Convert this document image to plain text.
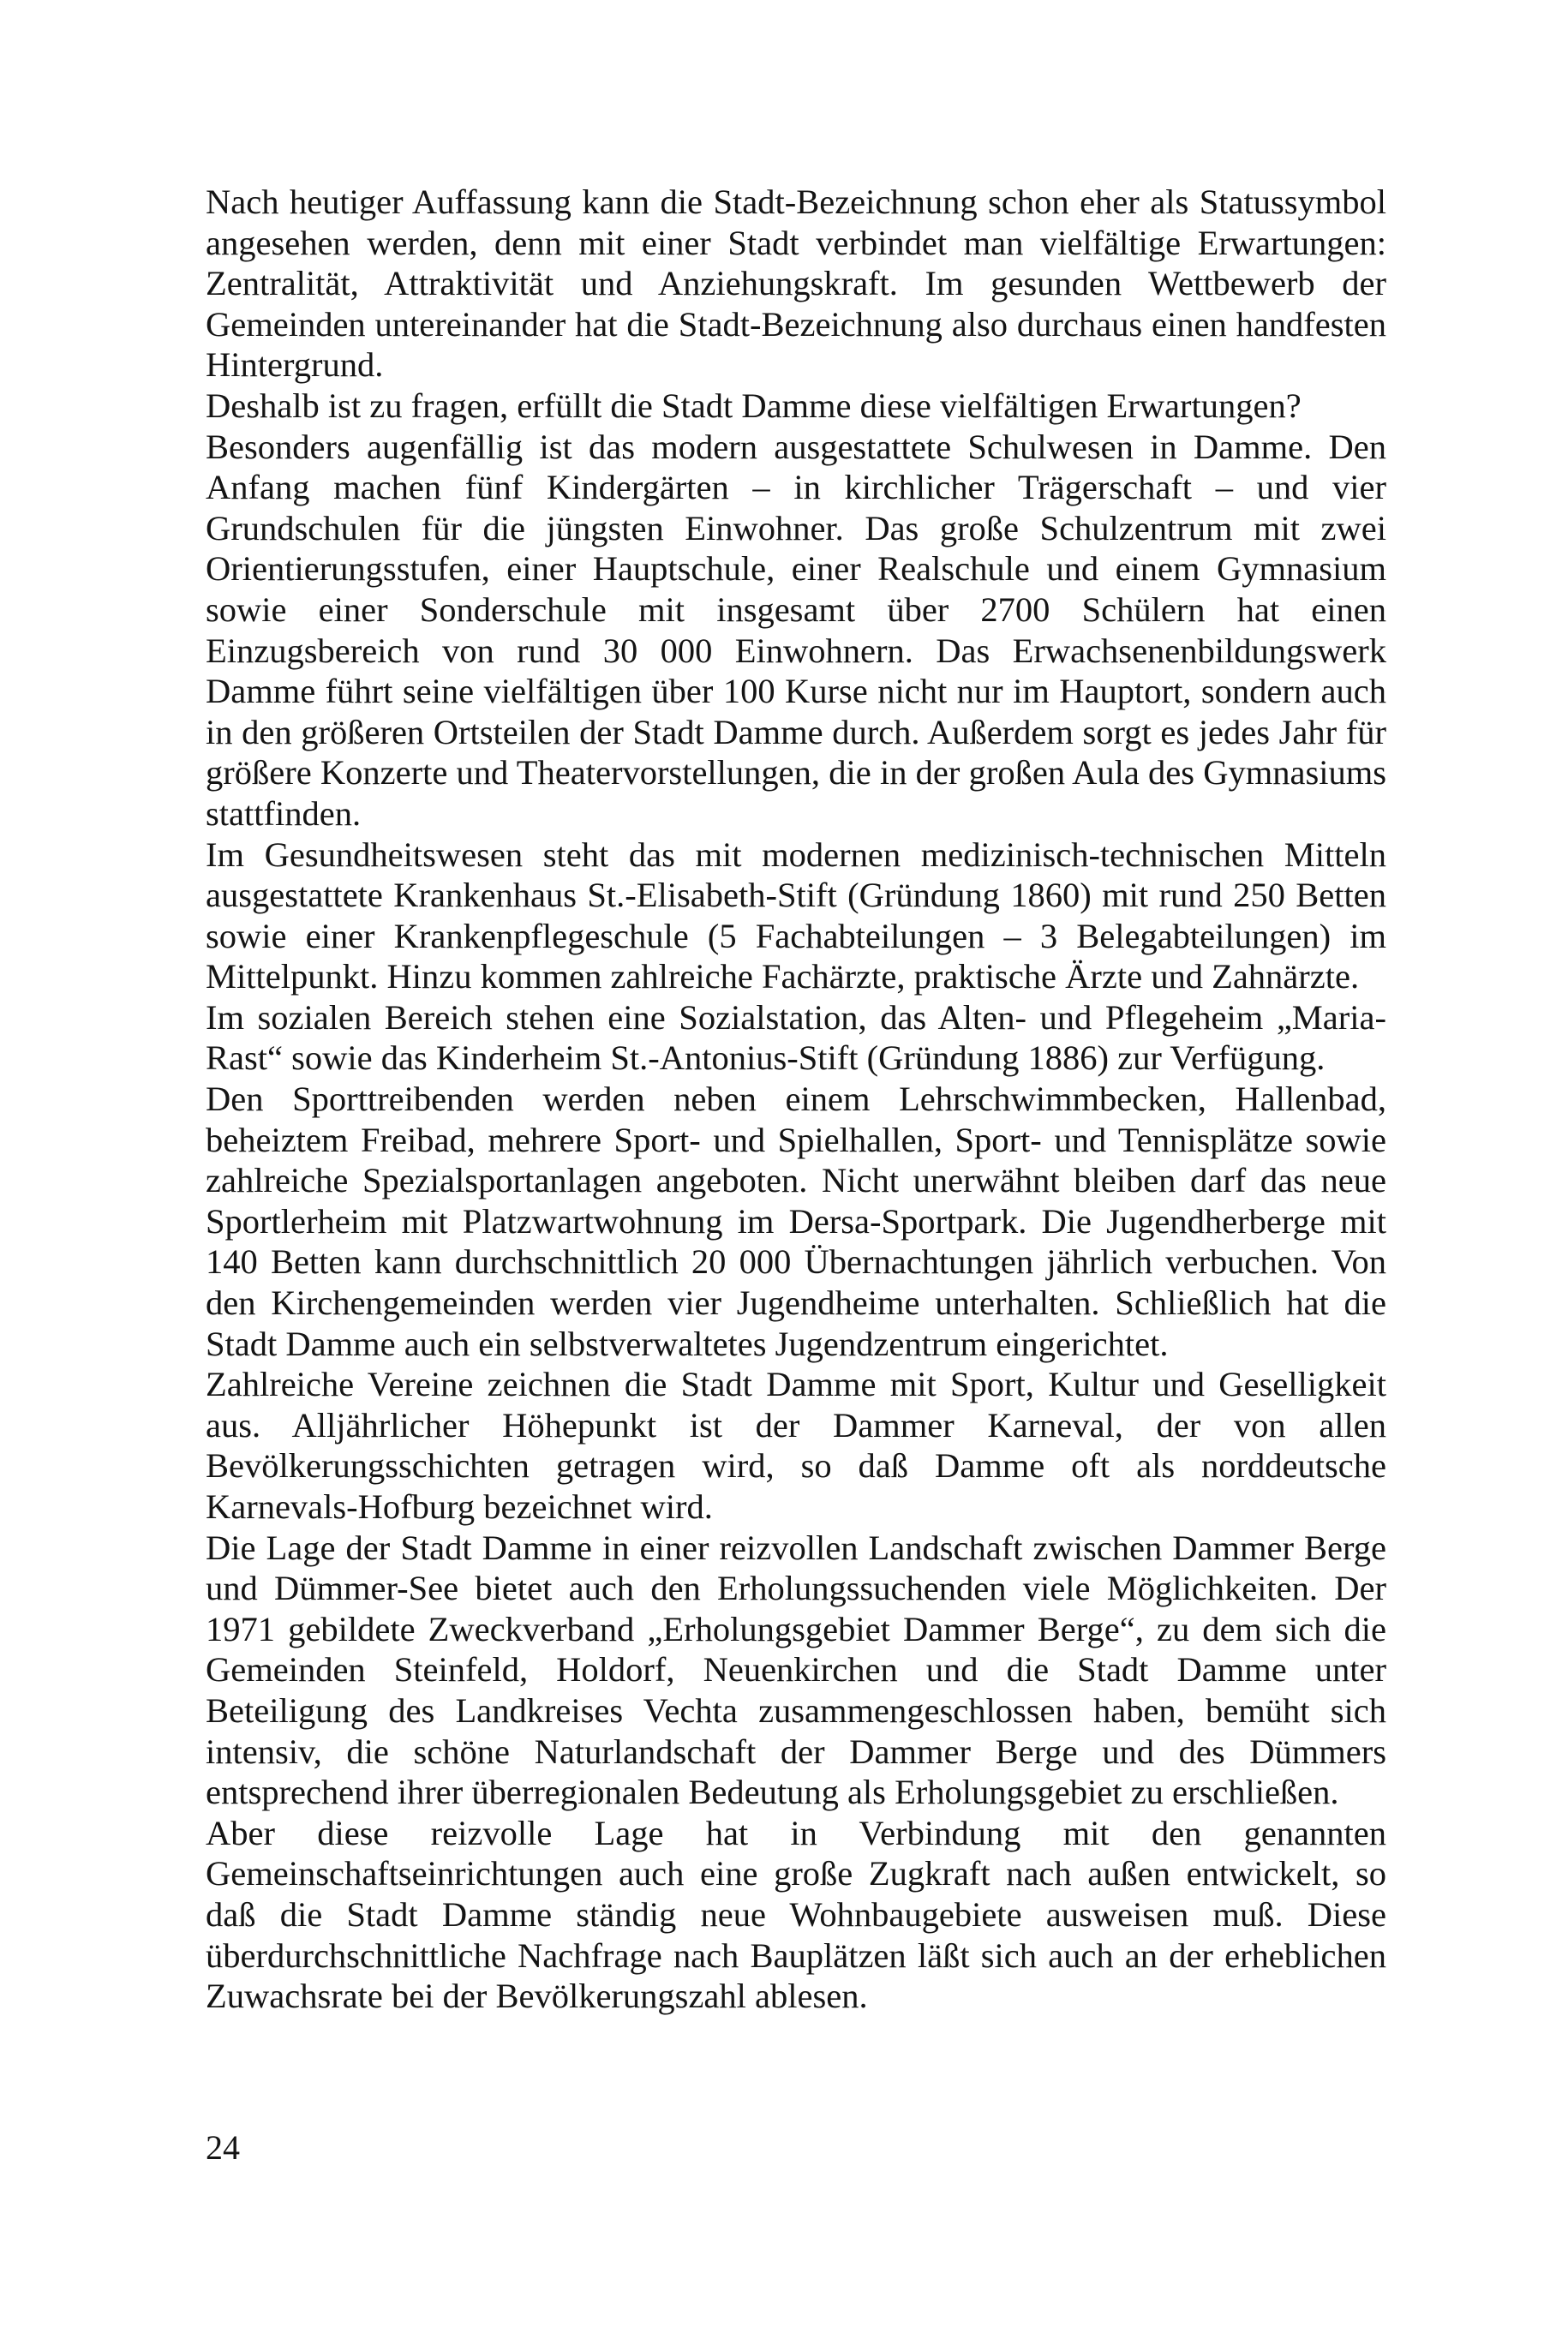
Nach heutiger Auffassung kann die Stadt-Bezeichnung schon eher als Statussymbol angesehen werden, denn mit einer Stadt verbindet man vielfältige Erwartungen: Zentralität, Attraktivität und Anziehungskraft. Im gesunden Wettbewerb der Gemeinden untereinander hat die Stadt-Bezeichnung also durchaus einen handfesten Hintergrund.

Deshalb ist zu fragen, erfüllt die Stadt Damme diese vielfältigen Erwartungen?

Besonders augenfällig ist das modern ausgestattete Schulwesen in Damme. Den Anfang machen fünf Kindergärten – in kirchlicher Trägerschaft – und vier Grundschulen für die jüngsten Einwohner. Das große Schulzentrum mit zwei Orientierungsstufen, einer Hauptschule, einer Realschule und einem Gymnasium sowie einer Sonderschule mit insgesamt über 2700 Schülern hat einen Einzugsbereich von rund 30 000 Einwohnern. Das Erwachsenenbildungswerk Damme führt seine vielfältigen über 100 Kurse nicht nur im Hauptort, sondern auch in den größeren Ortsteilen der Stadt Damme durch. Außerdem sorgt es jedes Jahr für größere Konzerte und Theatervorstellungen, die in der großen Aula des Gymnasiums stattfinden.

Im Gesundheitswesen steht das mit modernen medizinisch-technischen Mitteln ausgestattete Krankenhaus St.-Elisabeth-Stift (Gründung 1860) mit rund 250 Betten sowie einer Krankenpflegeschule (5 Fachabteilungen – 3 Belegabteilungen) im Mittelpunkt. Hinzu kommen zahlreiche Fachärzte, praktische Ärzte und Zahnärzte.

Im sozialen Bereich stehen eine Sozialstation, das Alten- und Pflegeheim „Maria-Rast“ sowie das Kinderheim St.-Antonius-Stift (Gründung 1886) zur Verfügung.

Den Sporttreibenden werden neben einem Lehrschwimmbecken, Hallenbad, beheiztem Freibad, mehrere Sport- und Spielhallen, Sport- und Tennisplätze sowie zahlreiche Spezialsportanlagen angeboten. Nicht unerwähnt bleiben darf das neue Sportlerheim mit Platzwartwohnung im Dersa-Sportpark. Die Jugendherberge mit 140 Betten kann durchschnittlich 20 000 Übernachtungen jährlich verbuchen. Von den Kirchengemeinden werden vier Jugendheime unterhalten. Schließlich hat die Stadt Damme auch ein selbstverwaltetes Jugendzentrum eingerichtet.

Zahlreiche Vereine zeichnen die Stadt Damme mit Sport, Kultur und Geselligkeit aus. Alljährlicher Höhepunkt ist der Dammer Karneval, der von allen Bevölkerungsschichten getragen wird, so daß Damme oft als norddeutsche Karnevals-Hofburg bezeichnet wird.

Die Lage der Stadt Damme in einer reizvollen Landschaft zwischen Dammer Berge und Dümmer-See bietet auch den Erholungssuchenden viele Möglichkeiten. Der 1971 gebildete Zweckverband „Erholungsgebiet Dammer Berge“, zu dem sich die Gemeinden Steinfeld, Holdorf, Neuenkirchen und die Stadt Damme unter Beteiligung des Landkreises Vechta zusammengeschlossen haben, bemüht sich intensiv, die schöne Naturlandschaft der Dammer Berge und des Dümmers entsprechend ihrer überregionalen Bedeutung als Erholungsgebiet zu erschließen.

Aber diese reizvolle Lage hat in Verbindung mit den genannten Gemeinschaftseinrichtungen auch eine große Zugkraft nach außen entwickelt, so daß die Stadt Damme ständig neue Wohnbaugebiete ausweisen muß. Diese überdurchschnittliche Nachfrage nach Bauplätzen läßt sich auch an der erheblichen Zuwachsrate bei der Bevölkerungszahl ablesen.

24
